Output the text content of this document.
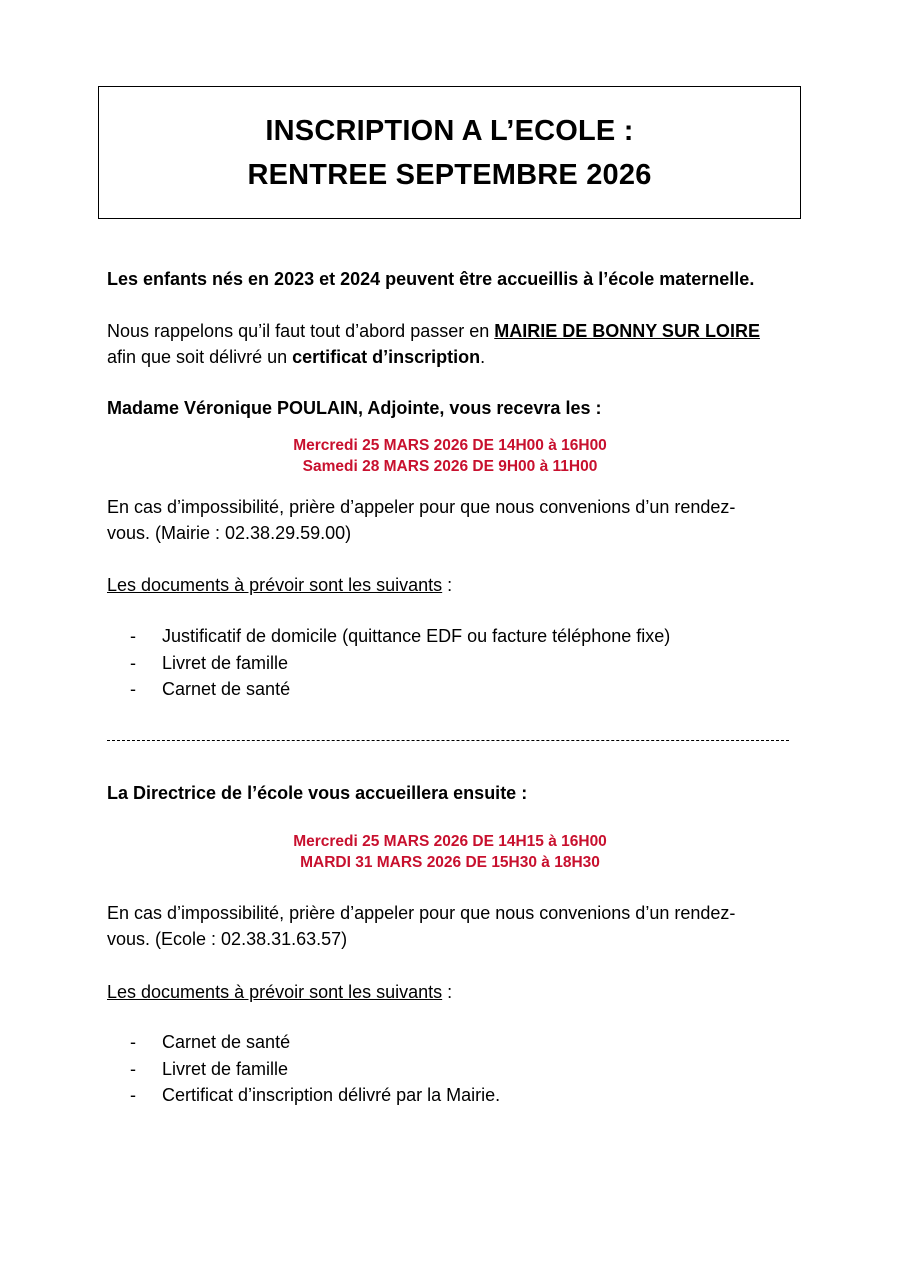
INSCRIPTION A L’ECOLE :
RENTREE SEPTEMBRE 2026
Les enfants nés en 2023 et 2024 peuvent être accueillis à l’école maternelle.
Nous rappelons qu’il faut tout d’abord passer en MAIRIE DE BONNY SUR LOIRE
afin que soit délivré un certificat d’inscription.
Madame Véronique POULAIN, Adjointe, vous recevra les :
Mercredi 25 MARS 2026 DE 14H00 à 16H00
Samedi 28 MARS 2026 DE 9H00 à 11H00
En cas d’impossibilité, prière d’appeler pour que nous convenions d’un rendez-
vous. (Mairie : 02.38.29.59.00)
Les documents à prévoir sont les suivants :
-	Justificatif de domicile (quittance EDF ou facture téléphone fixe)
-	Livret de famille
-	Carnet de santé
La Directrice de l’école vous accueillera ensuite :
Mercredi 25 MARS 2026 DE 14H15 à 16H00
MARDI 31 MARS 2026 DE 15H30 à 18H30
En cas d’impossibilité, prière d’appeler pour que nous convenions d’un rendez-
vous. (Ecole : 02.38.31.63.57)
Les documents à prévoir sont les suivants :
-	Carnet de santé
-	Livret de famille
-	Certificat d’inscription délivré par la Mairie.
